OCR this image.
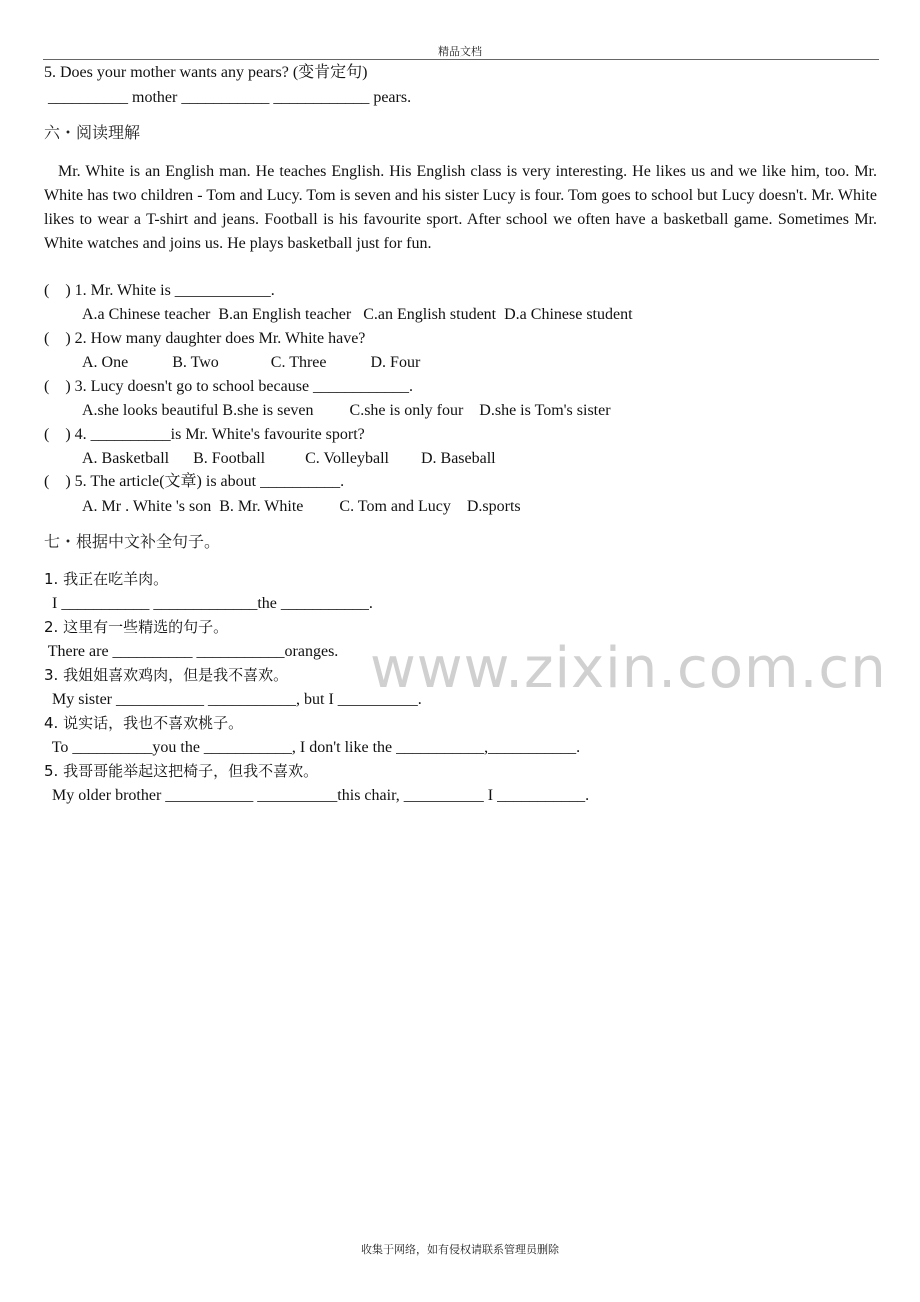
精品文档
5. Does your mother wants any pears? (变肯定句)
__________ mother ___________ ____________ pears.
六・阅读理解
Mr. White is an English man. He teaches English. His English class is very interesting. He likes us and we like him, too. Mr. White has two children - Tom and Lucy. Tom is seven and his sister Lucy is four. Tom goes to school but Lucy doesn't. Mr. White likes to wear a T-shirt and jeans. Football is his favourite sport. After school we often have a basketball game. Sometimes Mr. White watches and joins us. He plays basketball just for fun.
(    ) 1. Mr. White is ____________.
A.a Chinese teacher  B.an English teacher   C.an English student  D.a Chinese student
(    ) 2. How many daughter does Mr. White have?
A. One           B. Two             C. Three           D. Four
(    ) 3. Lucy doesn't go to school because ____________.
A.she looks beautiful B.she is seven         C.she is only four    D.she is Tom's sister
(    ) 4. __________is Mr. White's favourite sport?
A. Basketball      B. Football          C. Volleyball        D. Baseball
(    ) 5. The article(文章) is about __________.
A. Mr . White 's son  B. Mr. White         C. Tom and Lucy    D.sports
七・根据中文补全句子。
1. 我正在吃羊肉。
I ___________ _____________the ___________.
2. 这里有一些精选的句子。
There are __________ ___________oranges.
3. 我姐姐喜欢鸡肉，但是我不喜欢。
My sister ___________ ___________, but I __________.
4. 说实话，我也不喜欢桃子。
To __________you the ___________, I don't like the ___________,___________.
5. 我哥哥能举起这把椅子，但我不喜欢。
My older brother ___________ __________this chair, __________ I ___________.
www.zixin.com.cn
收集于网络，如有侵权请联系管理员删除
